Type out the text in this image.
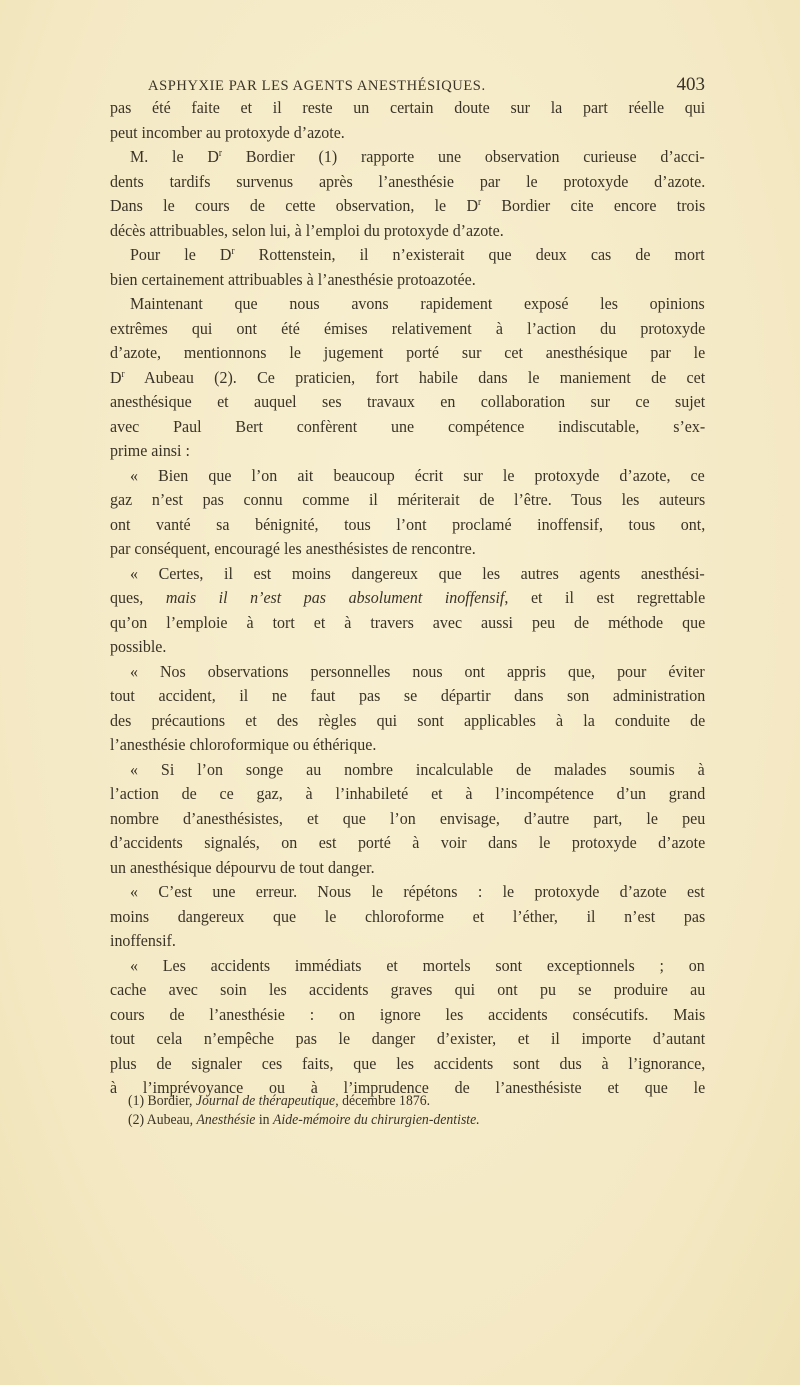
ASPHYXIE PAR LES AGENTS ANESTHÉSIQUES.	403
pas été faite et il reste un certain doute sur la part réelle qui
peut incomber au protoxyde d’azote.
M. le $D^r$ Bordier (1) rapporte une observation curieuse d’acci-
dents tardifs survenus après l’anesthésie par le protoxyde d’azote.
Dans le cours de cette observation, le $D^r$ Bordier cite encore trois
décès attribuables, selon lui, à l’emploi du protoxyde d’azote.
Pour le $D^r$ Rottenstein, il n’existerait que deux cas de mort
bien certainement attribuables à l’anesthésie protoazotée.
Maintenant que nous avons rapidement exposé les opinions
extrêmes qui ont été émises relativement à l’action du protoxyde
d’azote, mentionnons le jugement porté sur cet anesthésique par le
$D^r$ Aubeau (2). Ce praticien, fort habile dans le maniement de cet
anesthésique et auquel ses travaux en collaboration sur ce sujet
avec Paul Bert confèrent une compétence indiscutable, s’ex-
prime ainsi :
« Bien que l’on ait beaucoup écrit sur le protoxyde d’azote, ce
gaz n’est pas connu comme il mériterait de l’être. Tous les auteurs
ont vanté sa bénignité, tous l’ont proclamé inoffensif, tous ont,
par conséquent, encouragé les anesthésistes de rencontre.
« Certes, il est moins dangereux que les autres agents anesthési-
ques, mais il n’est pas absolument inoffensif, et il est regrettable
qu’on l’emploie à tort et à travers avec aussi peu de méthode que
possible.
« Nos observations personnelles nous ont appris que, pour éviter
tout accident, il ne faut pas se départir dans son administration
des précautions et des règles qui sont applicables à la conduite de
l’anesthésie chloroformique ou éthérique.
« Si l’on songe au nombre incalculable de malades soumis à
l’action de ce gaz, à l’inhabileté et à l’incompétence d’un grand
nombre d’anesthésistes, et que l’on envisage, d’autre part, le peu
d’accidents signalés, on est porté à voir dans le protoxyde d’azote
un anesthésique dépourvu de tout danger.
« C’est une erreur. Nous le répétons : le protoxyde d’azote est
moins dangereux que le chloroforme et l’éther, il n’est pas
inoffensif.
« Les accidents immédiats et mortels sont exceptionnels ; on
cache avec soin les accidents graves qui ont pu se produire au
cours de l’anesthésie : on ignore les accidents consécutifs. Mais
tout cela n’empêche pas le danger d’exister, et il importe d’autant
plus de signaler ces faits, que les accidents sont dus à l’ignorance,
à l’imprévoyance ou à l’imprudence de l’anesthésiste et que le
(1) Bordier, Journal de thérapeutique, décembre 1876.
(2) Aubeau, Anesthésie in Aide-mémoire du chirurgien-dentiste.
